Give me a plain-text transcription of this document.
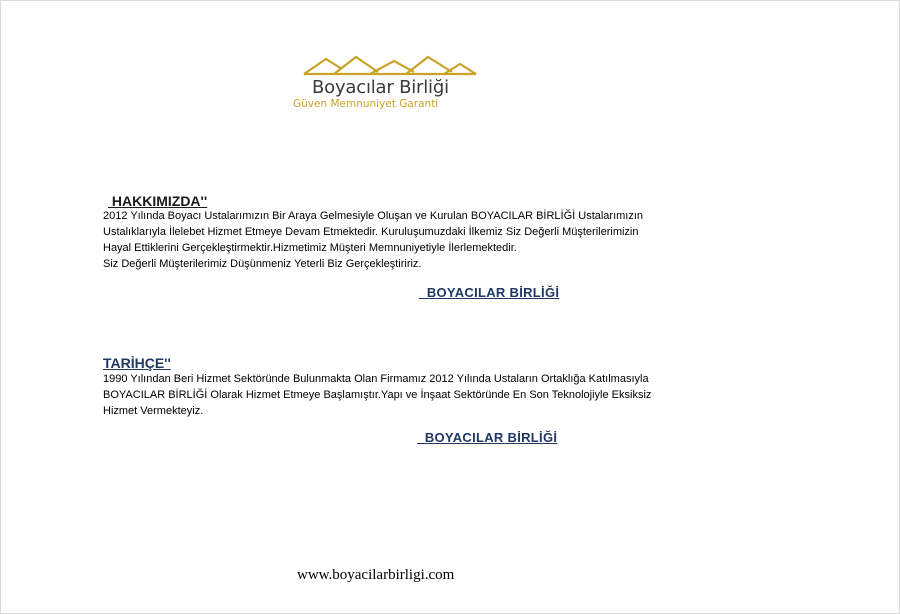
Boyacılar Birliği
Güven Memnuniyet Garanti
HAKKIMIZDA''
2012 Yılında Boyacı Ustalarımızın Bir Araya Gelmesiyle Oluşan ve Kurulan BOYACILAR BİRLİĞİ Ustalarımızın
Ustalıklarıyla İlelebet Hizmet Etmeye Devam Etmektedir. Kuruluşumuzdaki İlkemiz Siz Değerli Müşterilerimizin
Hayal Ettiklerini Gerçekleştirmektir.Hizmetimiz Müşteri Memnuniyetiyle İlerlemektedir.
Siz Değerli Müşterilerimiz Düşünmeniz Yeterli Biz Gerçekleştiririz.
BOYACILAR BİRLİĞİ
TARİHÇE''
1990 Yılından Beri Hizmet Sektöründe Bulunmakta Olan Firmamız 2012 Yılında Ustaların Ortaklığa Katılmasıyla
BOYACILAR BİRLİĞİ Olarak Hizmet Etmeye Başlamıştır.Yapı ve İnşaat Sektöründe En Son Teknolojiyle Eksiksiz
Hizmet Vermekteyiz.
BOYACILAR BİRLİĞİ
www.boyacilarbirligi.com
